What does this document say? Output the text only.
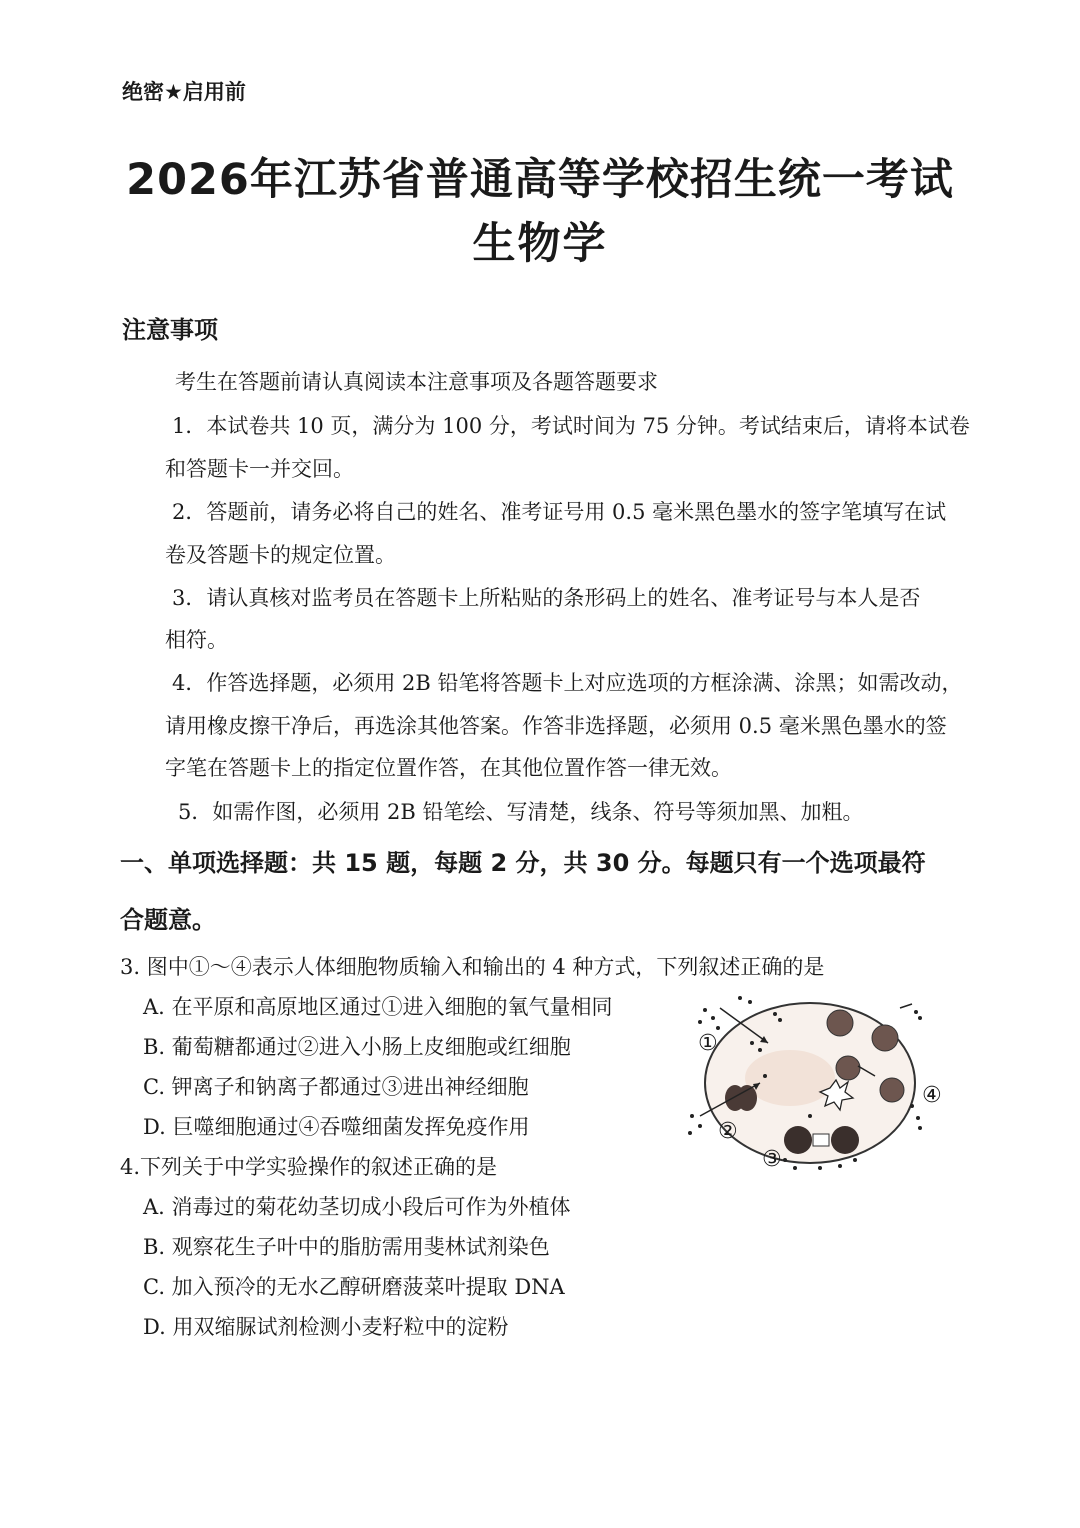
绝密★启用前
2026年江苏省普通高等学校招生统一考试
生物学
注意事项
考生在答题前请认真阅读本注意事项及各题答题要求
1．本试卷共 10 页，满分为 100 分，考试时间为 75 分钟。考试结束后，请将本试卷
和答题卡一并交回。
2．答题前，请务必将自己的姓名、准考证号用 0.5 毫米黑色墨水的签字笔填写在试
卷及答题卡的规定位置。
3．请认真核对监考员在答题卡上所粘贴的条形码上的姓名、准考证号与本人是否
相符。
4．作答选择题，必须用 2B 铅笔将答题卡上对应选项的方框涂满、涂黑；如需改动，
请用橡皮擦干净后，再选涂其他答案。作答非选择题，必须用 0.5 毫米黑色墨水的签
字笔在答题卡上的指定位置作答，在其他位置作答一律无效。
5．如需作图，必须用 2B 铅笔绘、写清楚，线条、符号等须加黑、加粗。
一、单项选择题：共 15 题，每题 2 分，共 30 分。每题只有一个选项最符
合题意。
3. 图中①～④表示人体细胞物质输入和输出的 4 种方式，下列叙述正确的是
A. 在平原和高原地区通过①进入细胞的氧气量相同
B. 葡萄糖都通过②进入小肠上皮细胞或红细胞
C. 钾离子和钠离子都通过③进出神经细胞
D. 巨噬细胞通过④吞噬细菌发挥免疫作用
4.下列关于中学实验操作的叙述正确的是
A. 消毒过的菊花幼茎切成小段后可作为外植体
B. 观察花生子叶中的脂肪需用斐林试剂染色
C. 加入预冷的无水乙醇研磨菠菜叶提取 DNA
D. 用双缩脲试剂检测小麦籽粒中的淀粉
①
②
③
④
